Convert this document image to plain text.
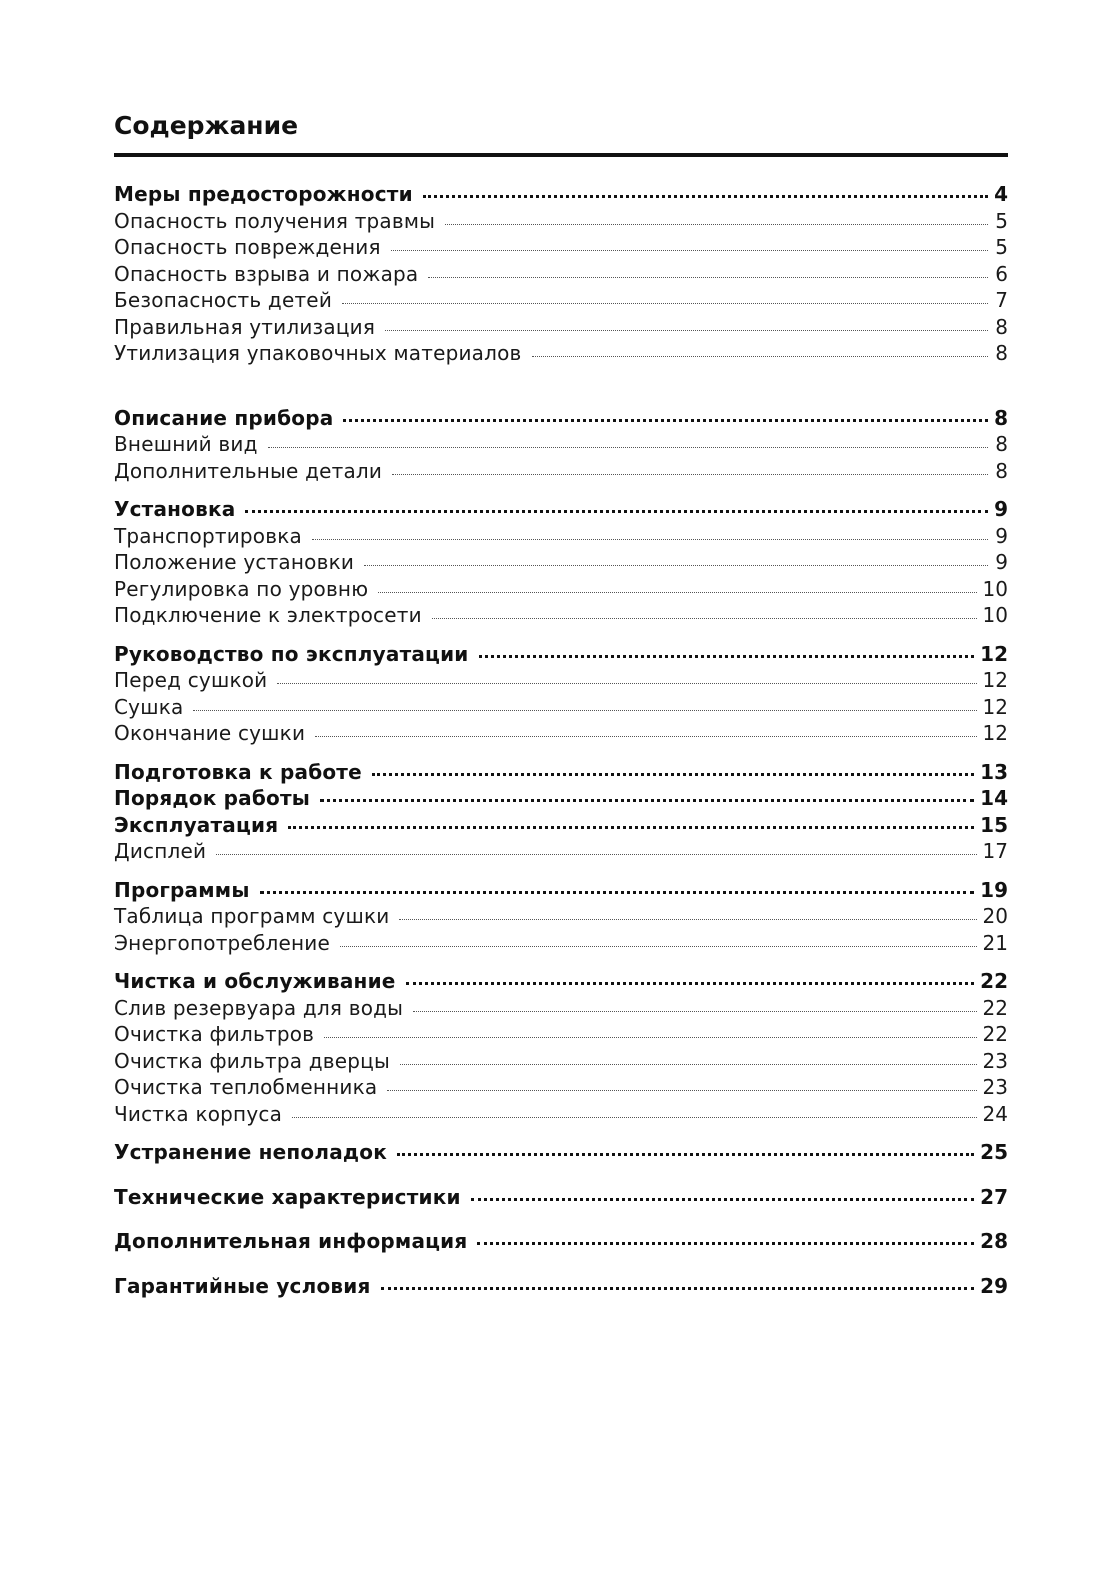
Содержание
Меры предосторожности	4
Опасность получения травмы	5
Опасность повреждения	5
Опасность взрыва и пожара	6
Безопасность детей	7
Правильная утилизация	8
Утилизация упаковочных материалов	8
Описание прибора	8
Внешний вид	8
Дополнительные детали	8
Установка	9
Транспортировка	9
Положение установки	9
Регулировка по уровню	10
Подключение к электросети	10
Руководство по эксплуатации	12
Перед сушкой	12
Сушка	12
Окончание сушки	12
Подготовка к работе	13
Порядок работы	14
Эксплуатация	15
Дисплей	17
Программы	19
Таблица программ сушки	20
Энергопотребление	21
Чистка и обслуживание	22
Слив резервуара для воды	22
Очистка фильтров	22
Очистка фильтра дверцы	23
Очистка теплобменника	23
Чистка корпуса	24
Устранение неполадок	25
Технические характеристики	27
Дополнительная информация	28
Гарантийные условия	29
